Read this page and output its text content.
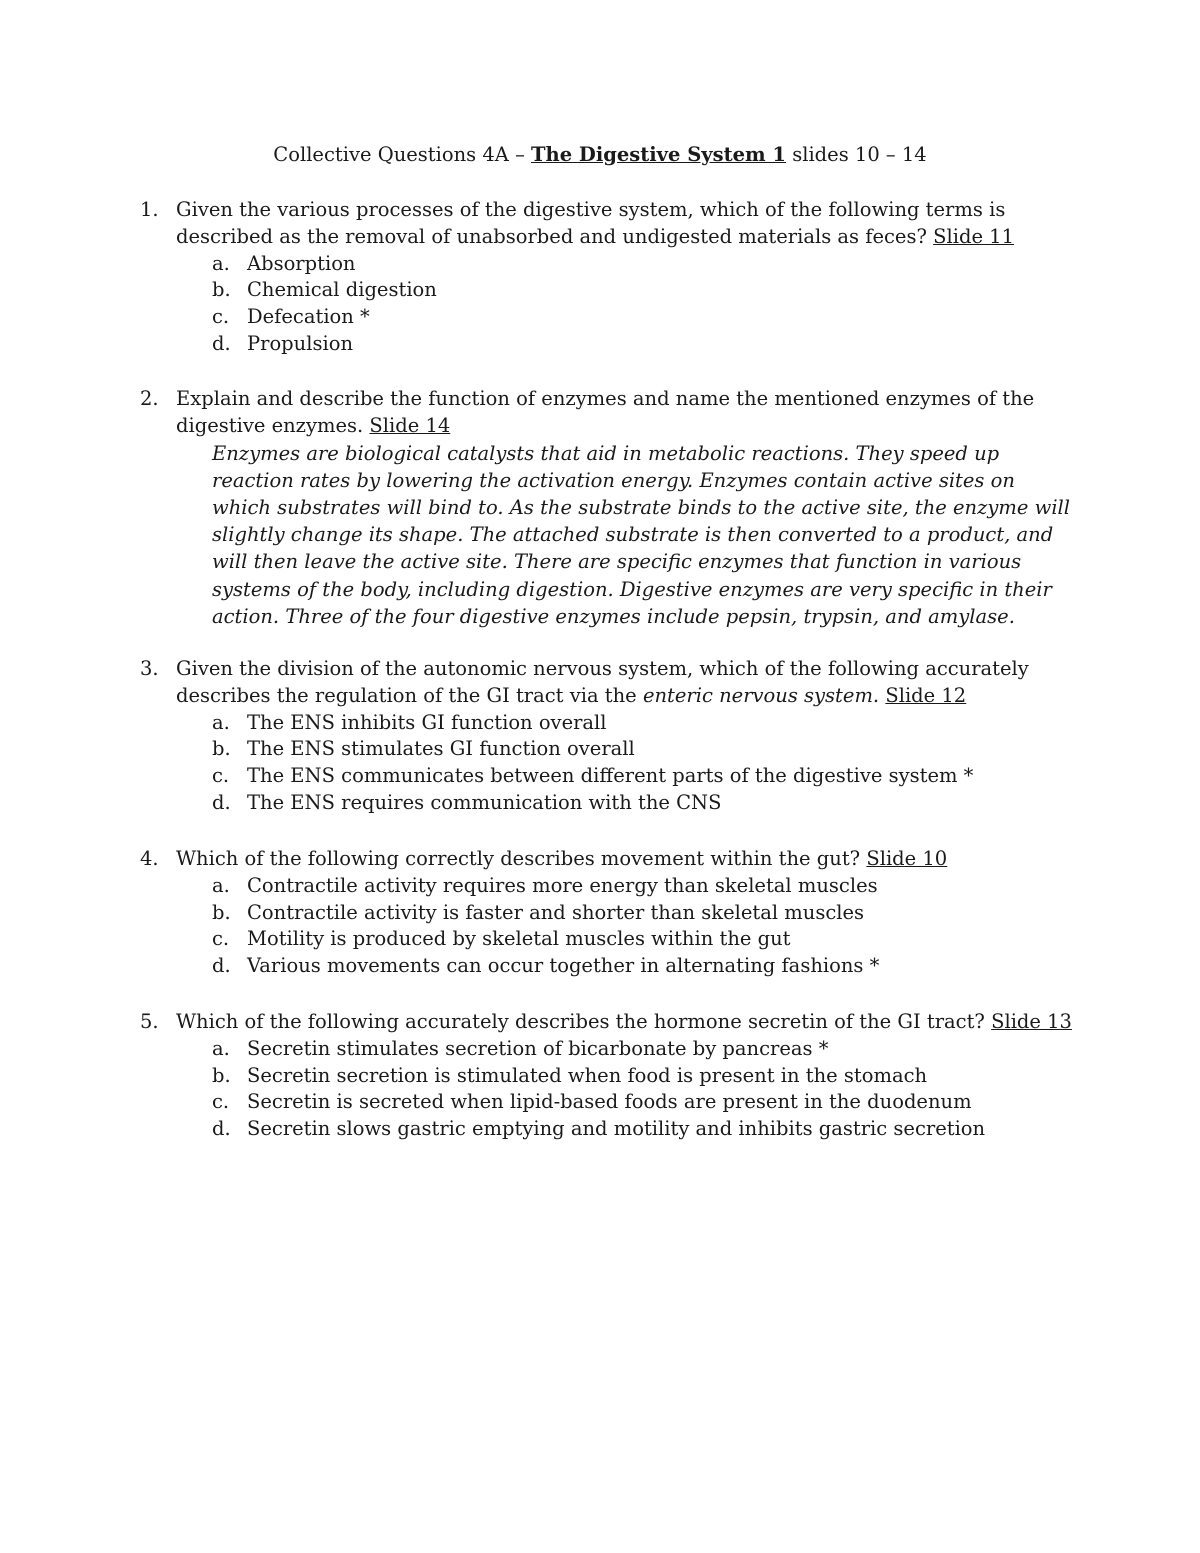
Collective Questions 4A – The Digestive System 1 slides 10 – 14
1. Given the various processes of the digestive system, which of the following terms is described as the removal of unabsorbed and undigested materials as feces? Slide 11
a. Absorption
b. Chemical digestion
c. Defecation *
d. Propulsion
2. Explain and describe the function of enzymes and name the mentioned enzymes of the digestive enzymes. Slide 14
Enzymes are biological catalysts that aid in metabolic reactions. They speed up reaction rates by lowering the activation energy. Enzymes contain active sites on which substrates will bind to. As the substrate binds to the active site, the enzyme will slightly change its shape. The attached substrate is then converted to a product, and will then leave the active site. There are specific enzymes that function in various systems of the body, including digestion. Digestive enzymes are very specific in their action. Three of the four digestive enzymes include pepsin, trypsin, and amylase.
3. Given the division of the autonomic nervous system, which of the following accurately describes the regulation of the GI tract via the enteric nervous system. Slide 12
a. The ENS inhibits GI function overall
b. The ENS stimulates GI function overall
c. The ENS communicates between different parts of the digestive system *
d. The ENS requires communication with the CNS
4. Which of the following correctly describes movement within the gut? Slide 10
a. Contractile activity requires more energy than skeletal muscles
b. Contractile activity is faster and shorter than skeletal muscles
c. Motility is produced by skeletal muscles within the gut
d. Various movements can occur together in alternating fashions *
5. Which of the following accurately describes the hormone secretin of the GI tract? Slide 13
a. Secretin stimulates secretion of bicarbonate by pancreas *
b. Secretin secretion is stimulated when food is present in the stomach
c. Secretin is secreted when lipid-based foods are present in the duodenum
d. Secretin slows gastric emptying and motility and inhibits gastric secretion
